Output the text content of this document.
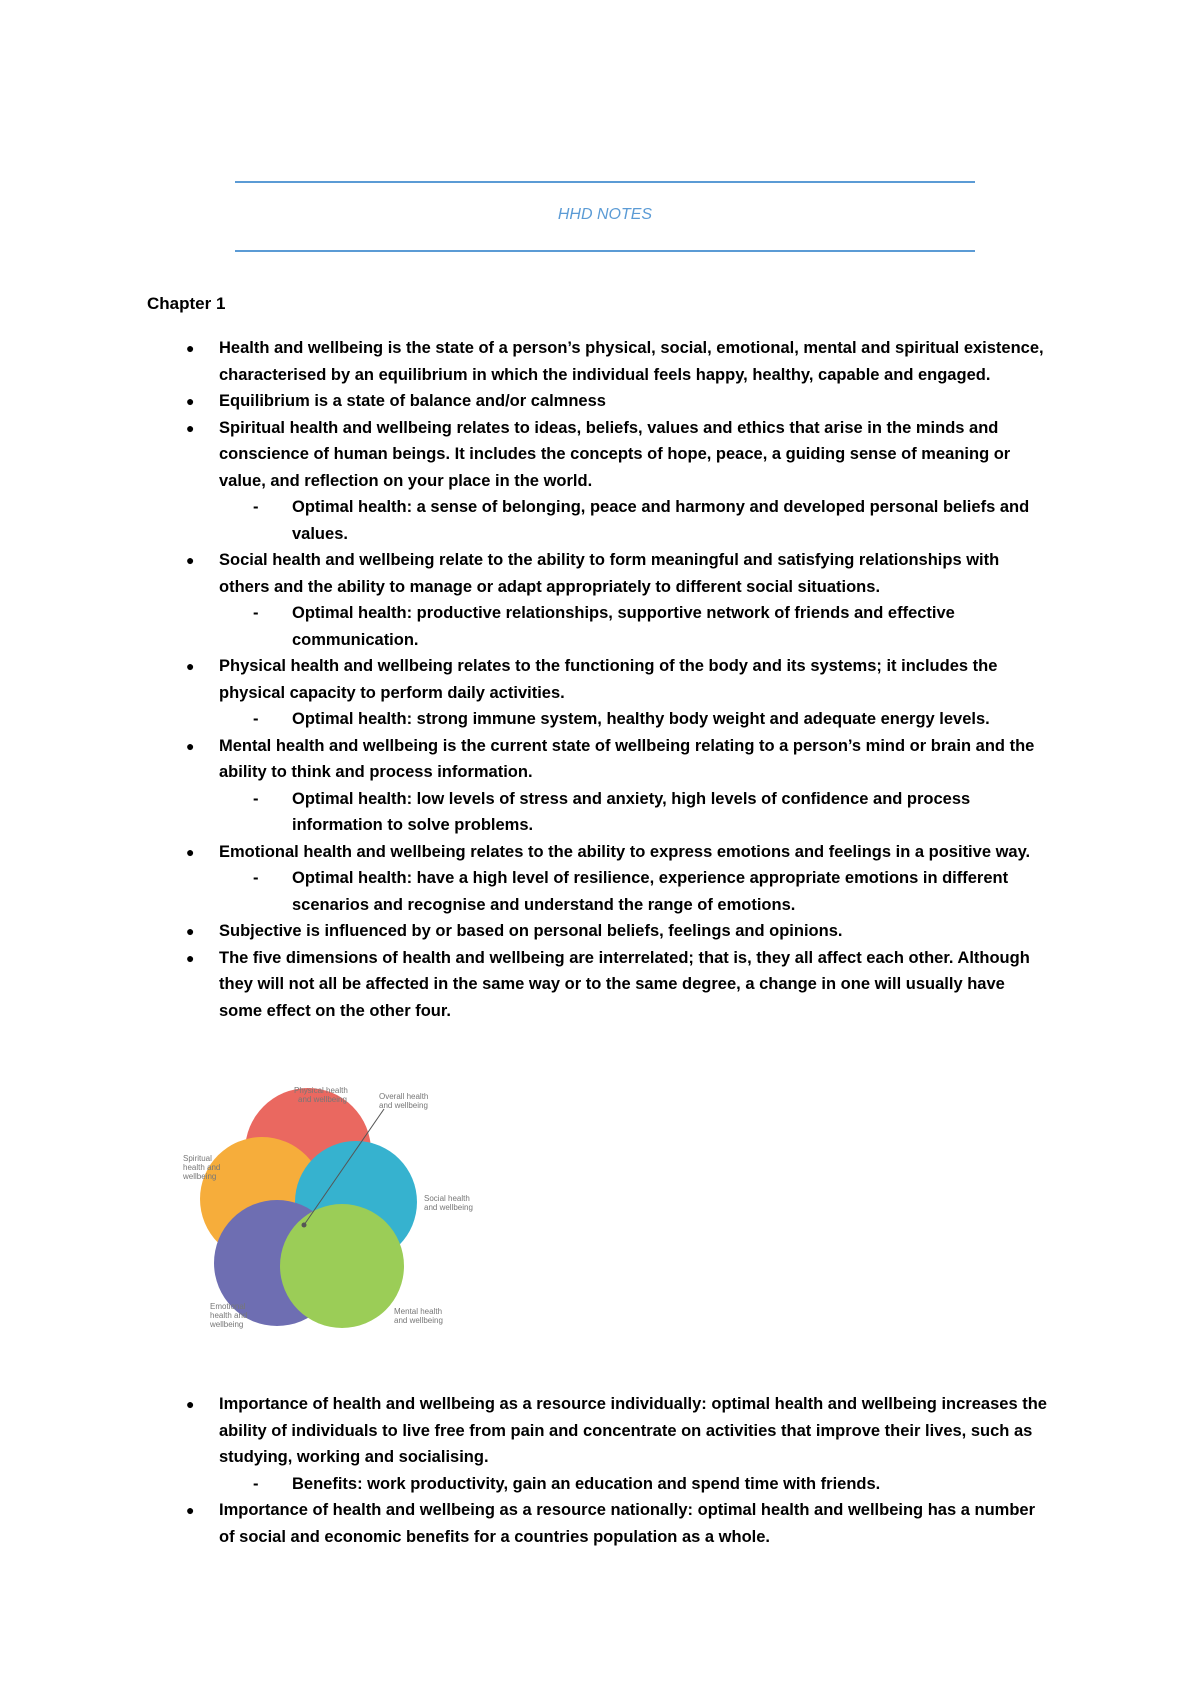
HHD NOTES
Chapter 1
● Health and wellbeing is the state of a person’s physical, social, emotional, mental and spiritual existence, characterised by an equilibrium in which the individual feels happy, healthy, capable and engaged.
● Equilibrium is a state of balance and/or calmness
● Spiritual health and wellbeing relates to ideas, beliefs, values and ethics that arise in the minds and conscience of human beings. It includes the concepts of hope, peace, a guiding sense of meaning or value, and reflection on your place in the world.
- Optimal health: a sense of belonging, peace and harmony and developed personal beliefs and values.
● Social health and wellbeing relate to the ability to form meaningful and satisfying relationships with others and the ability to manage or adapt appropriately to different social situations.
- Optimal health: productive relationships, supportive network of friends and effective communication.
● Physical health and wellbeing relates to the functioning of the body and its systems; it includes the physical capacity to perform daily activities.
- Optimal health: strong immune system, healthy body weight and adequate energy levels.
● Mental health and wellbeing is the current state of wellbeing relating to a person’s mind or brain and the ability to think and process information.
- Optimal health: low levels of stress and anxiety, high levels of confidence and process information to solve problems.
● Emotional health and wellbeing relates to the ability to express emotions and feelings in a positive way.
- Optimal health: have a high level of resilience, experience appropriate emotions in different scenarios and recognise and understand the range of emotions.
● Subjective is influenced by or based on personal beliefs, feelings and opinions.
● The five dimensions of health and wellbeing are interrelated; that is, they all affect each other. Although they will not all be affected in the same way or to the same degree, a change in one will usually have some effect on the other four.
Physical health and wellbeing	Overall health and wellbeing
Spiritual health and wellbeing
Social health and wellbeing
Emotional health and wellbeing
Mental health and wellbeing
● Importance of health and wellbeing as a resource individually: optimal health and wellbeing increases the ability of individuals to live free from pain and concentrate on activities that improve their lives, such as studying, working and socialising.
- Benefits: work productivity, gain an education and spend time with friends.
● Importance of health and wellbeing as a resource nationally: optimal health and wellbeing has a number of social and economic benefits for a countries population as a whole.
